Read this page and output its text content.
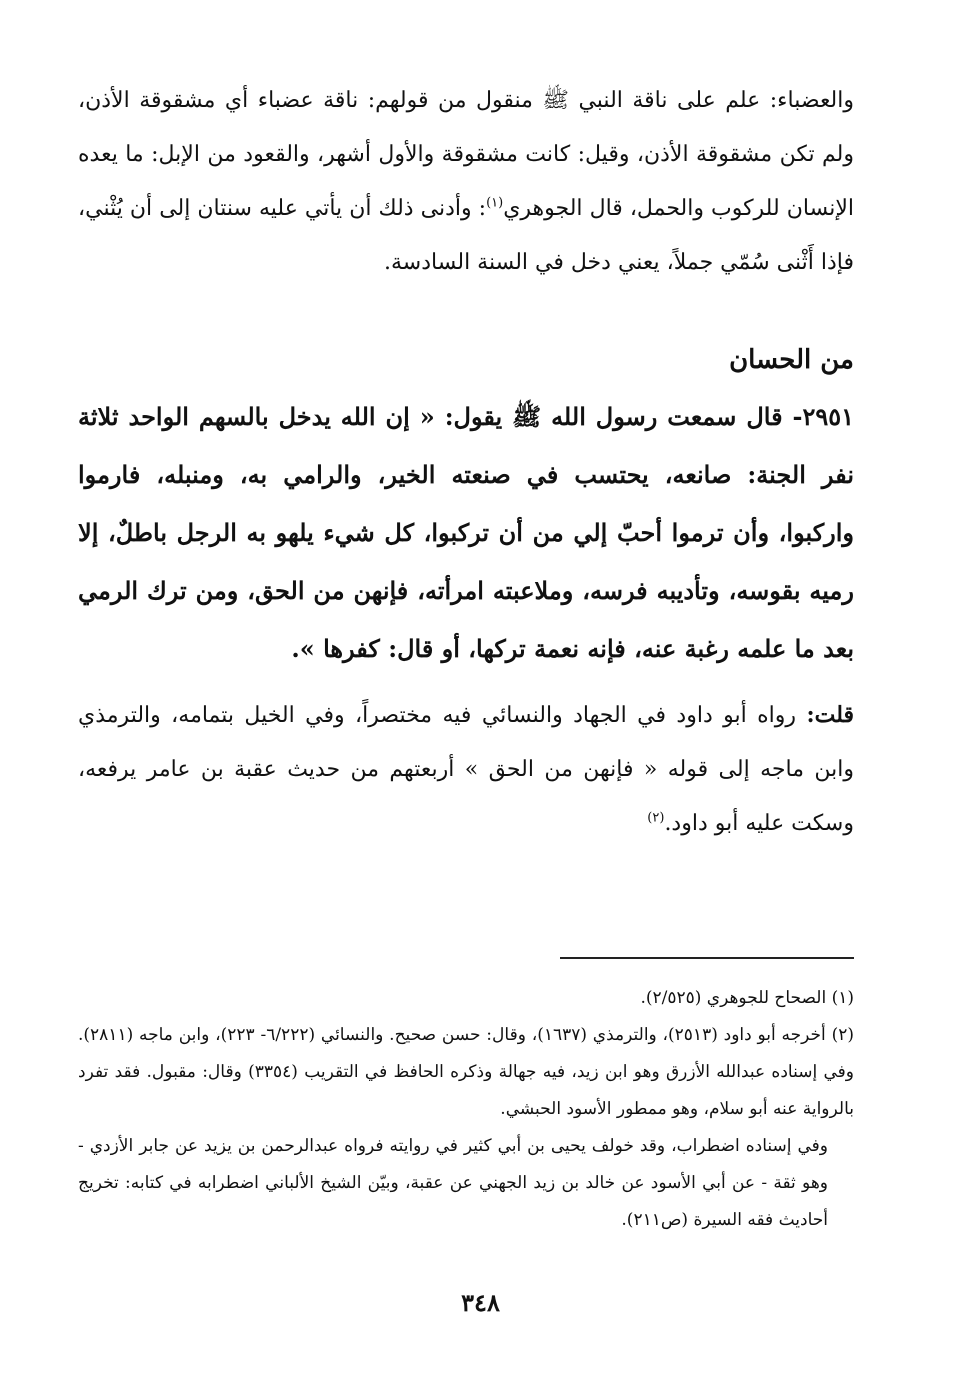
والعضباء: علم على ناقة النبي ﷺ منقول من قولهم: ناقة عضباء أي مشقوقة الأذن، ولم تكن مشقوقة الأذن، وقيل: كانت مشقوقة والأول أشهر، والقعود من الإبل: ما يعده الإنسان للركوب والحمل، قال الجوهري$^{(١)}$: وأدنى ذلك أن يأتي عليه سنتان إلى أن يُثْني، فإذا أَثْنى سُمّي جملاً، يعني دخل في السنة السادسة.

من الحسان

٢٩٥١- قال سمعت رسول الله ﷺ يقول: « إن الله يدخل بالسهم الواحد ثلاثة نفر الجنة: صانعه، يحتسب في صنعته الخير، والرامي به، ومنبله، فارموا واركبوا، وأن ترموا أحبّ إلي من أن تركبوا، كل شيء يلهو به الرجل باطلٌ، إلا رميه بقوسه، وتأديبه فرسه، وملاعبته امرأته، فإنهن من الحق، ومن ترك الرمي بعد ما علمه رغبة عنه، فإنه نعمة تركها، أو قال: كفرها ».

قلت: رواه أبو داود في الجهاد والنسائي فيه مختصراً، وفي الخيل بتمامه، والترمذي وابن ماجه إلى قوله « فإنهن من الحق » أربعتهم من حديث عقبة بن عامر يرفعه، وسكت عليه أبو داود.$^{(٢)}$

(١) الصحاح للجوهري (٢/٥٢٥).

(٢) أخرجه أبو داود (٢٥١٣)، والترمذي (١٦٣٧)، وقال: حسن صحيح. والنسائي (٦/٢٢٢- ٢٢٣)، وابن ماجه (٢٨١١). وفي إسناده عبدالله الأزرق وهو ابن زيد، فيه جهالة وذكره الحافظ في التقريب (٣٣٥٤) وقال: مقبول. فقد تفرد بالرواية عنه أبو سلام، وهو ممطور الأسود الحبشي.

وفي إسناده اضطراب، وقد خولف يحيى بن أبي كثير في روايته فرواه عبدالرحمن بن يزيد عن جابر الأزدي - وهو ثقة - عن أبي الأسود عن خالد بن زيد الجهني عن عقبة، وبيّن الشيخ الألباني اضطرابه في كتابه: تخريج أحاديث فقه السيرة (ص٢١١).

٣٤٨
